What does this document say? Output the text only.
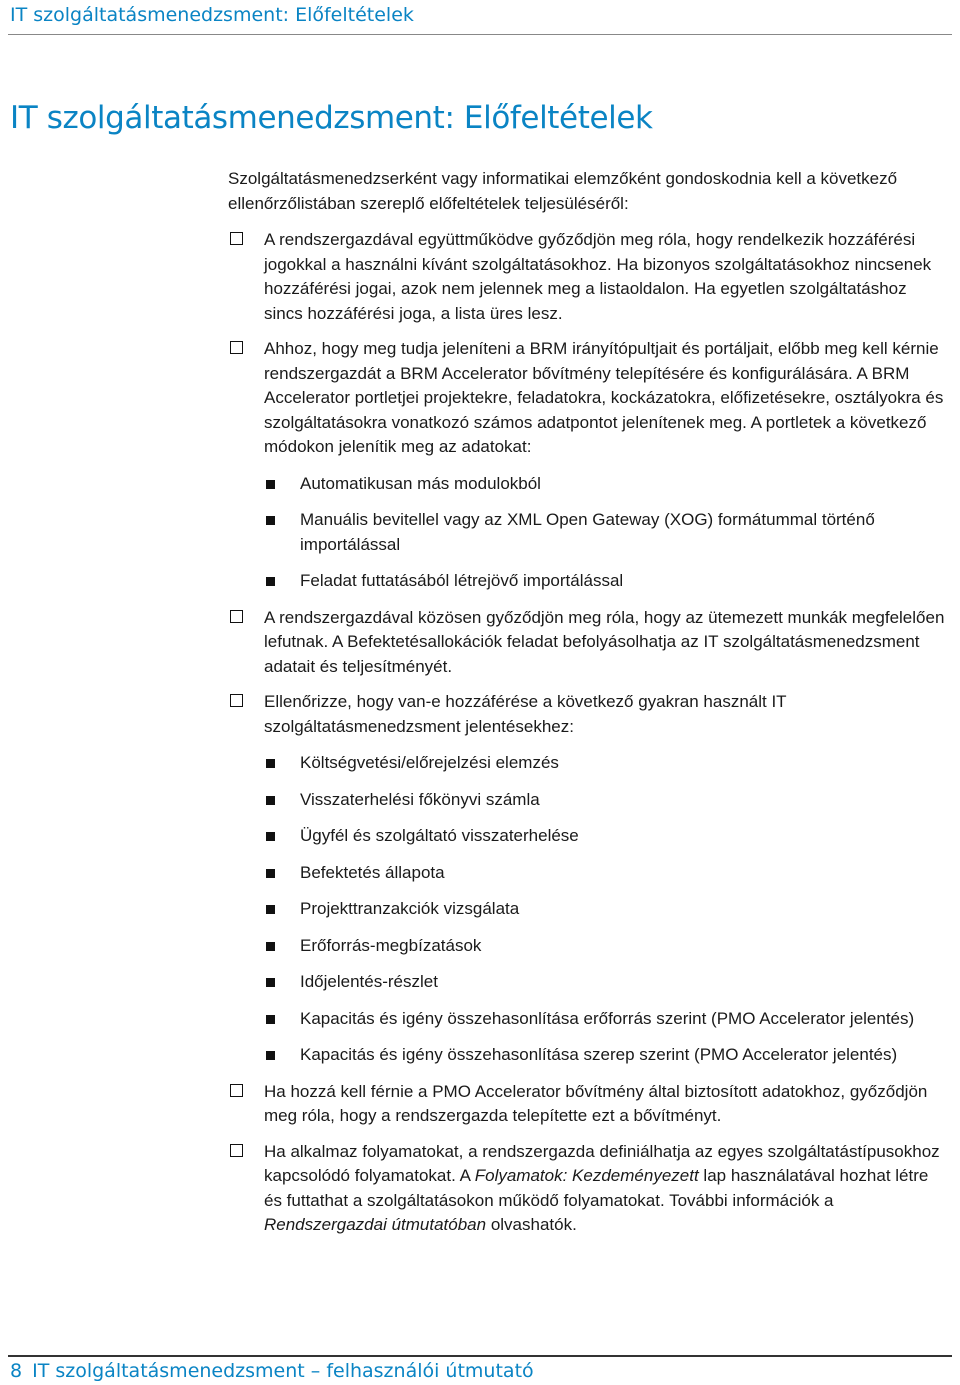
IT szolgáltatásmenedzsment: Előfeltételek
IT szolgáltatásmenedzsment: Előfeltételek

Szolgáltatásmenedzserként vagy informatikai elemzőként gondoskodnia kell a következő ellenőrzőlistában szereplő előfeltételek teljesüléséről:

A rendszergazdával együttműködve győződjön meg róla, hogy rendelkezik hozzáférési jogokkal a használni kívánt szolgáltatásokhoz. Ha bizonyos szolgáltatásokhoz nincsenek hozzáférési jogai, azok nem jelennek meg a listaoldalon. Ha egyetlen szolgáltatáshoz sincs hozzáférési joga, a lista üres lesz.

Ahhoz, hogy meg tudja jeleníteni a BRM irányítópultjait és portáljait, előbb meg kell kérnie rendszergazdát a BRM Accelerator bővítmény telepítésére és konfigurálására. A BRM Accelerator portletjei projektekre, feladatokra, kockázatokra, előfizetésekre, osztályokra és szolgáltatásokra vonatkozó számos adatpontot jelenítenek meg. A portletek a következő módokon jelenítik meg az adatokat:

Automatikusan más modulokból
Manuális bevitellel vagy az XML Open Gateway (XOG) formátummal történő importálással
Feladat futtatásából létrejövő importálással

A rendszergazdával közösen győződjön meg róla, hogy az ütemezett munkák megfelelően lefutnak. A Befektetésallokációk feladat befolyásolhatja az IT szolgáltatásmenedzsment adatait és teljesítményét.

Ellenőrizze, hogy van-e hozzáférése a következő gyakran használt IT szolgáltatásmenedzsment jelentésekhez:

Költségvetési/előrejelzési elemzés
Visszaterhelési főkönyvi számla
Ügyfél és szolgáltató visszaterhelése
Befektetés állapota
Projekttranzakciók vizsgálata
Erőforrás-megbízatások
Időjelentés-részlet
Kapacitás és igény összehasonlítása erőforrás szerint (PMO Accelerator jelentés)
Kapacitás és igény összehasonlítása szerep szerint (PMO Accelerator jelentés)

Ha hozzá kell férnie a PMO Accelerator bővítmény által biztosított adatokhoz, győződjön meg róla, hogy a rendszergazda telepítette ezt a bővítményt.

Ha alkalmaz folyamatokat, a rendszergazda definiálhatja az egyes szolgáltatástípusokhoz kapcsolódó folyamatokat. A Folyamatok: Kezdeményezett lap használatával hozhat létre és futtathat a szolgáltatásokon működő folyamatokat. További információk a Rendszergazdai útmutatóban olvashatók.

8 IT szolgáltatásmenedzsment – felhasználói útmutató
